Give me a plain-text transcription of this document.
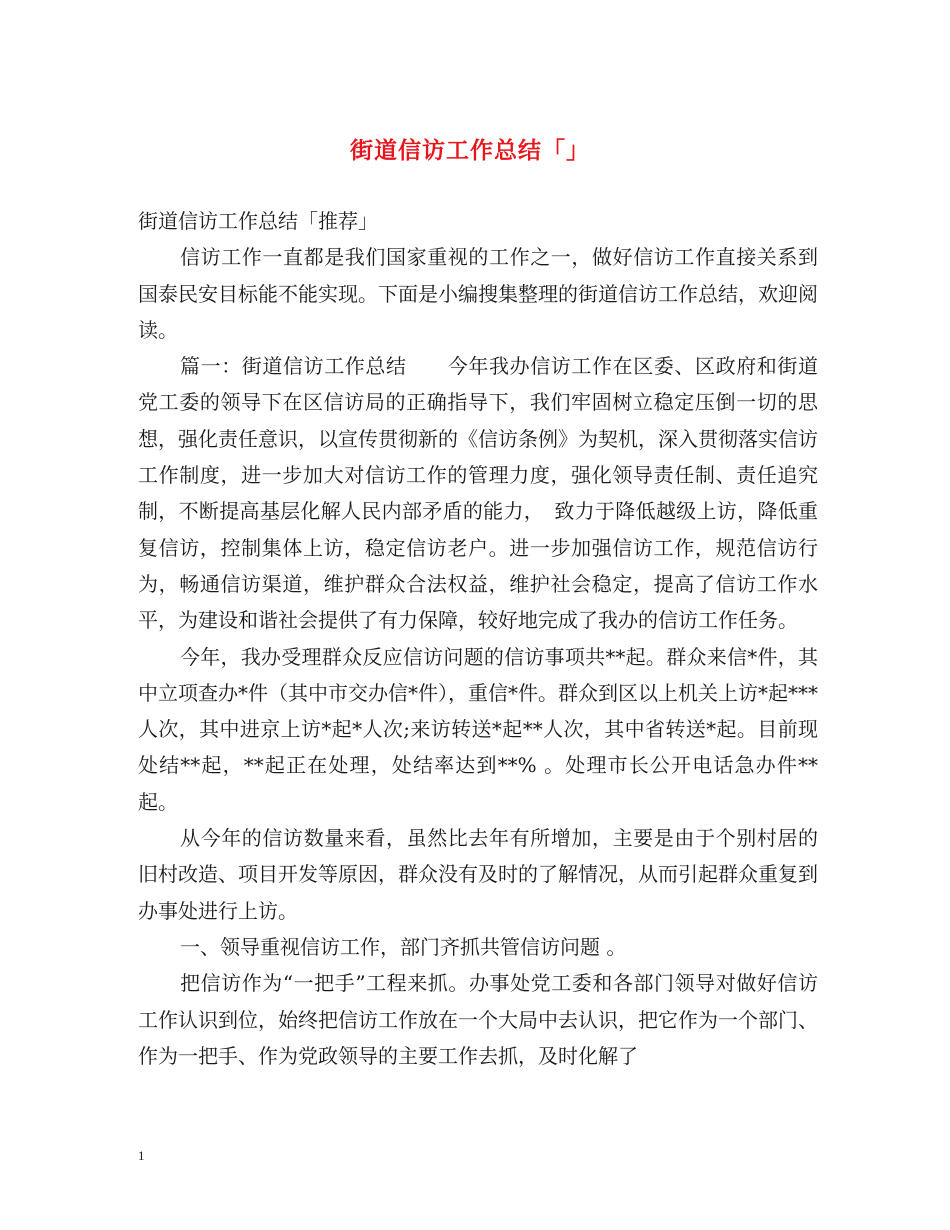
街道信访工作总结「」

街道信访工作总结「推荐」

信访工作一直都是我们国家重视的工作之一，做好信访工作直接关系到国泰民安目标能不能实现。下面是小编搜集整理的街道信访工作总结，欢迎阅读。

篇一：街道信访工作总结　　今年我办信访工作在区委、区政府和街道党工委的领导下在区信访局的正确指导下，我们牢固树立稳定压倒一切的思想，强化责任意识，以宣传贯彻新的《信访条例》为契机，深入贯彻落实信访工作制度，进一步加大对信访工作的管理力度，强化领导责任制、责任追究制，不断提高基层化解人民内部矛盾的能力，　致力于降低越级上访，降低重复信访，控制集体上访，稳定信访老户。进一步加强信访工作，规范信访行为，畅通信访渠道，维护群众合法权益，维护社会稳定，提高了信访工作水平，为建设和谐社会提供了有力保障，较好地完成了我办的信访工作任务。

今年，我办受理群众反应信访问题的信访事项共**起。群众来信*件，其中立项查办*件（其中市交办信*件），重信*件。群众到区以上机关上访*起***人次，其中进京上访*起*人次;来访转送*起**人次，其中省转送*起。目前现处结**起，**起正在处理，处结率达到**% 。处理市长公开电话急办件**起。

从今年的信访数量来看，虽然比去年有所增加，主要是由于个别村居的旧村改造、项目开发等原因，群众没有及时的了解情况，从而引起群众重复到办事处进行上访。

一、领导重视信访工作，部门齐抓共管信访问题 。

把信访作为“一把手”工程来抓。办事处党工委和各部门领导对做好信访工作认识到位，始终把信访工作放在一个大局中去认识，把它作为一个部门、作为一把手、作为党政领导的主要工作去抓，及时化解了

1
